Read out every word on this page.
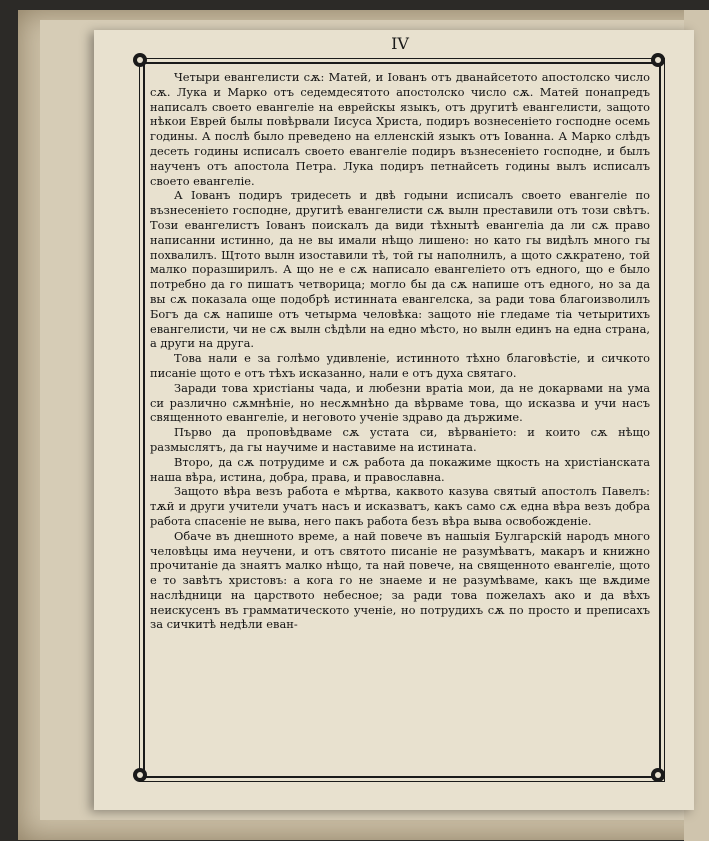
IV

Четыри евангелисти сѫ: Матей, и Іованъ отъ дванайсетото апостолско число сѫ. Лука и Марко отъ седемдесятото апостолско число сѫ. Матей понапредъ написалъ своето евангеліе на еврейскы языкъ, отъ другитѣ евангелисти, защото нѣкои Еврей былы повѣрвали Іисуса Христа, подиръ вознесеніето господне осемь годины. А послѣ было преведено на елленскій языкъ отъ Іованна. А Марко слѣдъ десеть годины исписалъ своето евангеліе подиръ възнесеніето господне, и былъ наученъ отъ апостола Петра. Лука подиръ петнайсеть годины вылъ исписалъ своето евангеліе.

А Іованъ подиръ тридесеть и двѣ годыни исписалъ своето евангеліе по възнесеніето господне, другитѣ евангелисти сѫ вылн преставили отъ този свѣтъ. Този евангелистъ Іованъ поискалъ да види тѣхнытѣ евангеліа да ли сѫ право написанни истинно, да не вы имали нѣщо лишено: но като гы видѣлъ много гы похвалилъ. Щтото вылн изоставили тѣ, той гы наполнилъ, а щото сѫкратено, той малко поразширилъ. А що не е сѫ написало евангеліето отъ едного, що е было потребно да го пишатъ четворица; могло бы да сѫ напише отъ едного, но за да вы сѫ показала още подобрѣ истинната евангелска, за ради това благоизволилъ Богъ да сѫ напише отъ четырма человѣка: защото ніе гледаме тіа четыритихъ евангелисти, чи не сѫ вылн сѣдѣли на едно мѣсто, но вылн единъ на една страна, а други на друга.

Това нали е за голѣмо удивленіе, истинното тѣхно благовѣстіе, и сичкото писаніе щото е отъ тѣхъ исказанно, нали е отъ духа святаго.

Заради това христіаны чада, и любезни вратіа мои, да не докарвами на ума си различно сѫмнѣніе, но несѫмнѣно да вѣрваме това, що исказва и учи насъ священното евангеліе, и неговото ученіе здраво да държиме.

Първо да проповѣдваме сѫ устата си, вѣрваніето: и които сѫ нѣщо размыслятъ, да гы научиме и наставиме на истината.

Второ, да сѫ потрудиме и сѫ работа да покажиме щкость на христіанската наша вѣра, истина, добра, права, и православна.

Защото вѣра везъ работа е мѣртва, каквото казува святый апостолъ Павелъ: тѫй и други учители учатъ насъ и исказватъ, какъ само сѫ една вѣра везъ добра работа спасеніе не выва, него пакъ работа безъ вѣра выва освобожденіе.

Обаче въ днешното време, а най повече въ нашыія Булгарскій народъ много человѣцы има неучени, и отъ святото писаніе не разумѣватъ, макаръ и книжно прочитаніе да знаятъ малко нѣщо, та най повече, на священното евангеліе, щото е то завѣтъ христовъ: а кога го не знаеме и не разумѣваме, какъ ще вѫдиме наслѣдници на царството небесное; за ради това пожелахъ ако и да вѣхъ неискусенъ въ грамматическото ученіе, но потрудихъ сѫ по просто и преписахъ за сичкитѣ недѣли еван-
